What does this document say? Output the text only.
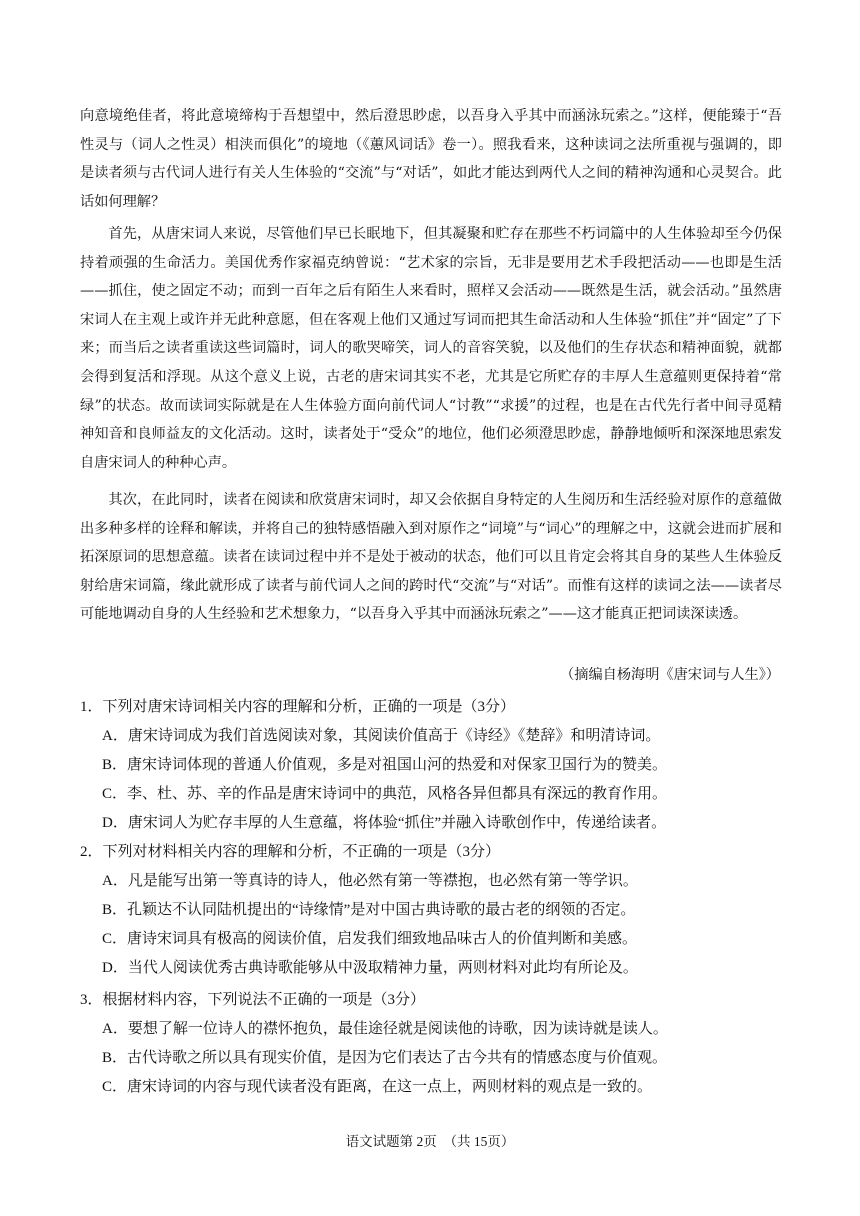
向意境绝佳者，将此意境缔构于吾想望中，然后澄思眇虑，以吾身入乎其中而涵泳玩索之。”这样，便能臻于“吾性灵与（词人之性灵）相浃而俱化”的境地（《蕙风词话》卷一）。照我看来，这种读词之法所重视与强调的，即是读者须与古代词人进行有关人生体验的“交流”与“对话”，如此才能达到两代人之间的精神沟通和心灵契合。此话如何理解？

首先，从唐宋词人来说，尽管他们早已长眠地下，但其凝聚和贮存在那些不朽词篇中的人生体验却至今仍保持着顽强的生命活力。美国优秀作家福克纳曾说：“艺术家的宗旨，无非是要用艺术手段把活动——也即是生活——抓住，使之固定不动；而到一百年之后有陌生人来看时，照样又会活动——既然是生活，就会活动。”虽然唐宋词人在主观上或许并无此种意愿，但在客观上他们又通过写词而把其生命活动和人生体验“抓住”并“固定”了下来；而当后之读者重读这些词篇时，词人的歌哭啼笑，词人的音容笑貌，以及他们的生存状态和精神面貌，就都会得到复活和浮现。从这个意义上说，古老的唐宋词其实不老，尤其是它所贮存的丰厚人生意蕴则更保持着“常绿”的状态。故而读词实际就是在人生体验方面向前代词人“讨教”“求援”的过程，也是在古代先行者中间寻觅精神知音和良师益友的文化活动。这时，读者处于“受众”的地位，他们必须澄思眇虑，静静地倾听和深深地思索发自唐宋词人的种种心声。

其次，在此同时，读者在阅读和欣赏唐宋词时，却又会依据自身特定的人生阅历和生活经验对原作的意蕴做出多种多样的诠释和解读，并将自己的独特感悟融入到对原作之“词境”与“词心”的理解之中，这就会进而扩展和拓深原词的思想意蕴。读者在读词过程中并不是处于被动的状态，他们可以且肯定会将其自身的某些人生体验反射给唐宋词篇，缘此就形成了读者与前代词人之间的跨时代“交流”与“对话”。而惟有这样的读词之法——读者尽可能地调动自身的人生经验和艺术想象力，“以吾身入乎其中而涵泳玩索之”——这才能真正把词读深读透。

（摘编自杨海明《唐宋词与人生》）
1．下列对唐宋诗词相关内容的理解和分析，正确的一项是（3分）
A．唐宋诗词成为我们首选阅读对象，其阅读价值高于《诗经》《楚辞》和明清诗词。
B．唐宋诗词体现的普通人价值观，多是对祖国山河的热爱和对保家卫国行为的赞美。
C．李、杜、苏、辛的作品是唐宋诗词中的典范，风格各异但都具有深远的教育作用。
D．唐宋词人为贮存丰厚的人生意蕴，将体验“抓住”并融入诗歌创作中，传递给读者。
2．下列对材料相关内容的理解和分析，不正确的一项是（3分）
A．凡是能写出第一等真诗的诗人，他必然有第一等襟抱，也必然有第一等学识。
B．孔颖达不认同陆机提出的“诗缘情”是对中国古典诗歌的最古老的纲领的否定。
C．唐诗宋词具有极高的阅读价值，启发我们细致地品味古人的价值判断和美感。
D．当代人阅读优秀古典诗歌能够从中汲取精神力量，两则材料对此均有所论及。
3．根据材料内容，下列说法不正确的一项是（3分）
A．要想了解一位诗人的襟怀抱负，最佳途径就是阅读他的诗歌，因为读诗就是读人。
B．古代诗歌之所以具有现实价值，是因为它们表达了古今共有的情感态度与价值观。
C．唐宋诗词的内容与现代读者没有距离，在这一点上，两则材料的观点是一致的。
语文试题第 2页　（共 15页）
